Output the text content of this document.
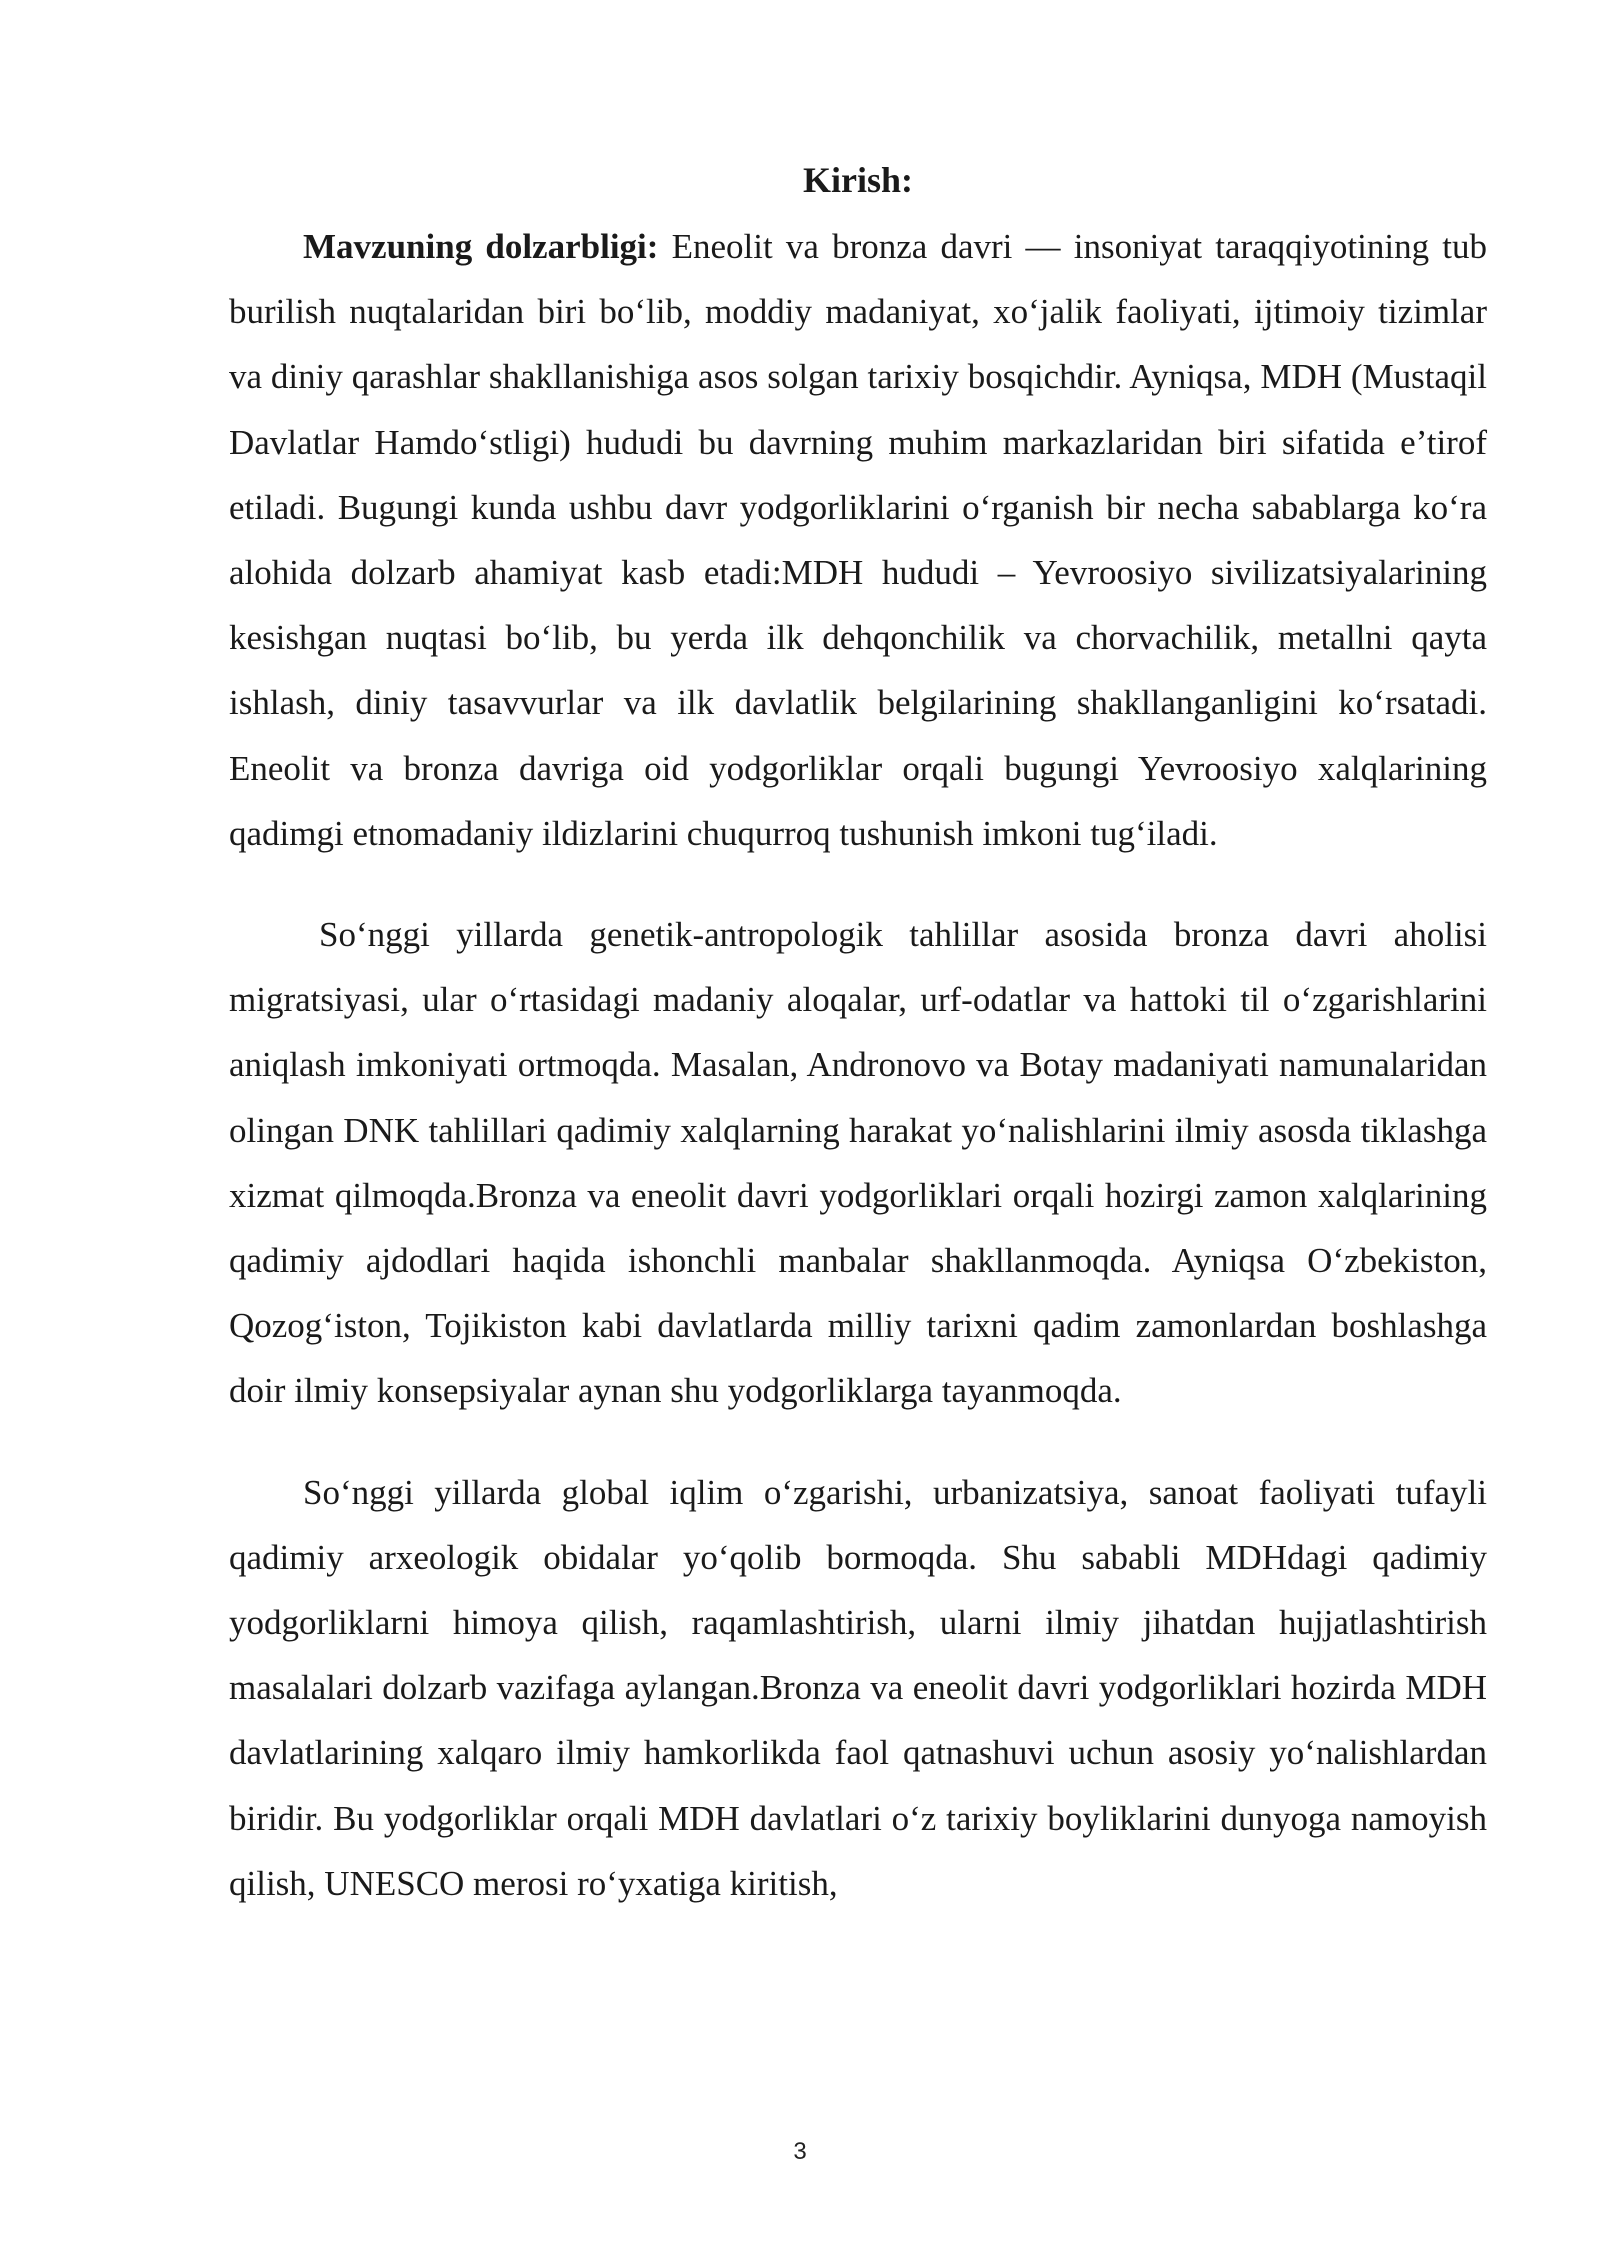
Kirish:

Mavzuning dolzarbligi: Eneolit va bronza davri — insoniyat taraqqiyotining tub burilish nuqtalaridan biri bo‘lib, moddiy madaniyat, xo‘jalik faoliyati, ijtimoiy tizimlar va diniy qarashlar shakllanishiga asos solgan tarixiy bosqichdir. Ayniqsa, MDH (Mustaqil Davlatlar Hamdo‘stligi) hududi bu davrning muhim markazlaridan biri sifatida e’tirof etiladi. Bugungi kunda ushbu davr yodgorliklarini o‘rganish bir necha sabablarga ko‘ra alohida dolzarb ahamiyat kasb etadi:MDH hududi – Yevroosiyo sivilizatsiyalarining kesishgan nuqtasi bo‘lib, bu yerda ilk dehqonchilik va chorvachilik, metallni qayta ishlash, diniy tasavvurlar va ilk davlatlik belgilarining shakllanganligini ko‘rsatadi. Eneolit va bronza davriga oid yodgorliklar orqali bugungi Yevroosiyo xalqlarining qadimgi etnomadaniy ildizlarini chuqurroq tushunish imkoni tug‘iladi.

So‘nggi yillarda genetik-antropologik tahlillar asosida bronza davri aholisi migratsiyasi, ular o‘rtasidagi madaniy aloqalar, urf-odatlar va hattoki til o‘zgarishlarini aniqlash imkoniyati ortmoqda. Masalan, Andronovo va Botay madaniyati namunalaridan olingan DNK tahlillari qadimiy xalqlarning harakat yo‘nalishlarini ilmiy asosda tiklashga xizmat qilmoqda.Bronza va eneolit davri yodgorliklari orqali hozirgi zamon xalqlarining qadimiy ajdodlari haqida ishonchli manbalar shakllanmoqda. Ayniqsa O‘zbekiston, Qozog‘iston, Tojikiston kabi davlatlarda milliy tarixni qadim zamonlardan boshlashga doir ilmiy konsepsiyalar aynan shu yodgorliklarga tayanmoqda.

So‘nggi yillarda global iqlim o‘zgarishi, urbanizatsiya, sanoat faoliyati tufayli qadimiy arxeologik obidalar yo‘qolib bormoqda. Shu sababli MDHdagi qadimiy yodgorliklarni himoya qilish, raqamlashtirish, ularni ilmiy jihatdan hujjatlashtirish masalalari dolzarb vazifaga aylangan.Bronza va eneolit davri yodgorliklari hozirda MDH davlatlarining xalqaro ilmiy hamkorlikda faol qatnashuvi uchun asosiy yo‘nalishlardan biridir. Bu yodgorliklar orqali MDH davlatlari o‘z tarixiy boyliklarini dunyoga namoyish qilish, UNESCO merosi ro‘yxatiga kiritish,

3
